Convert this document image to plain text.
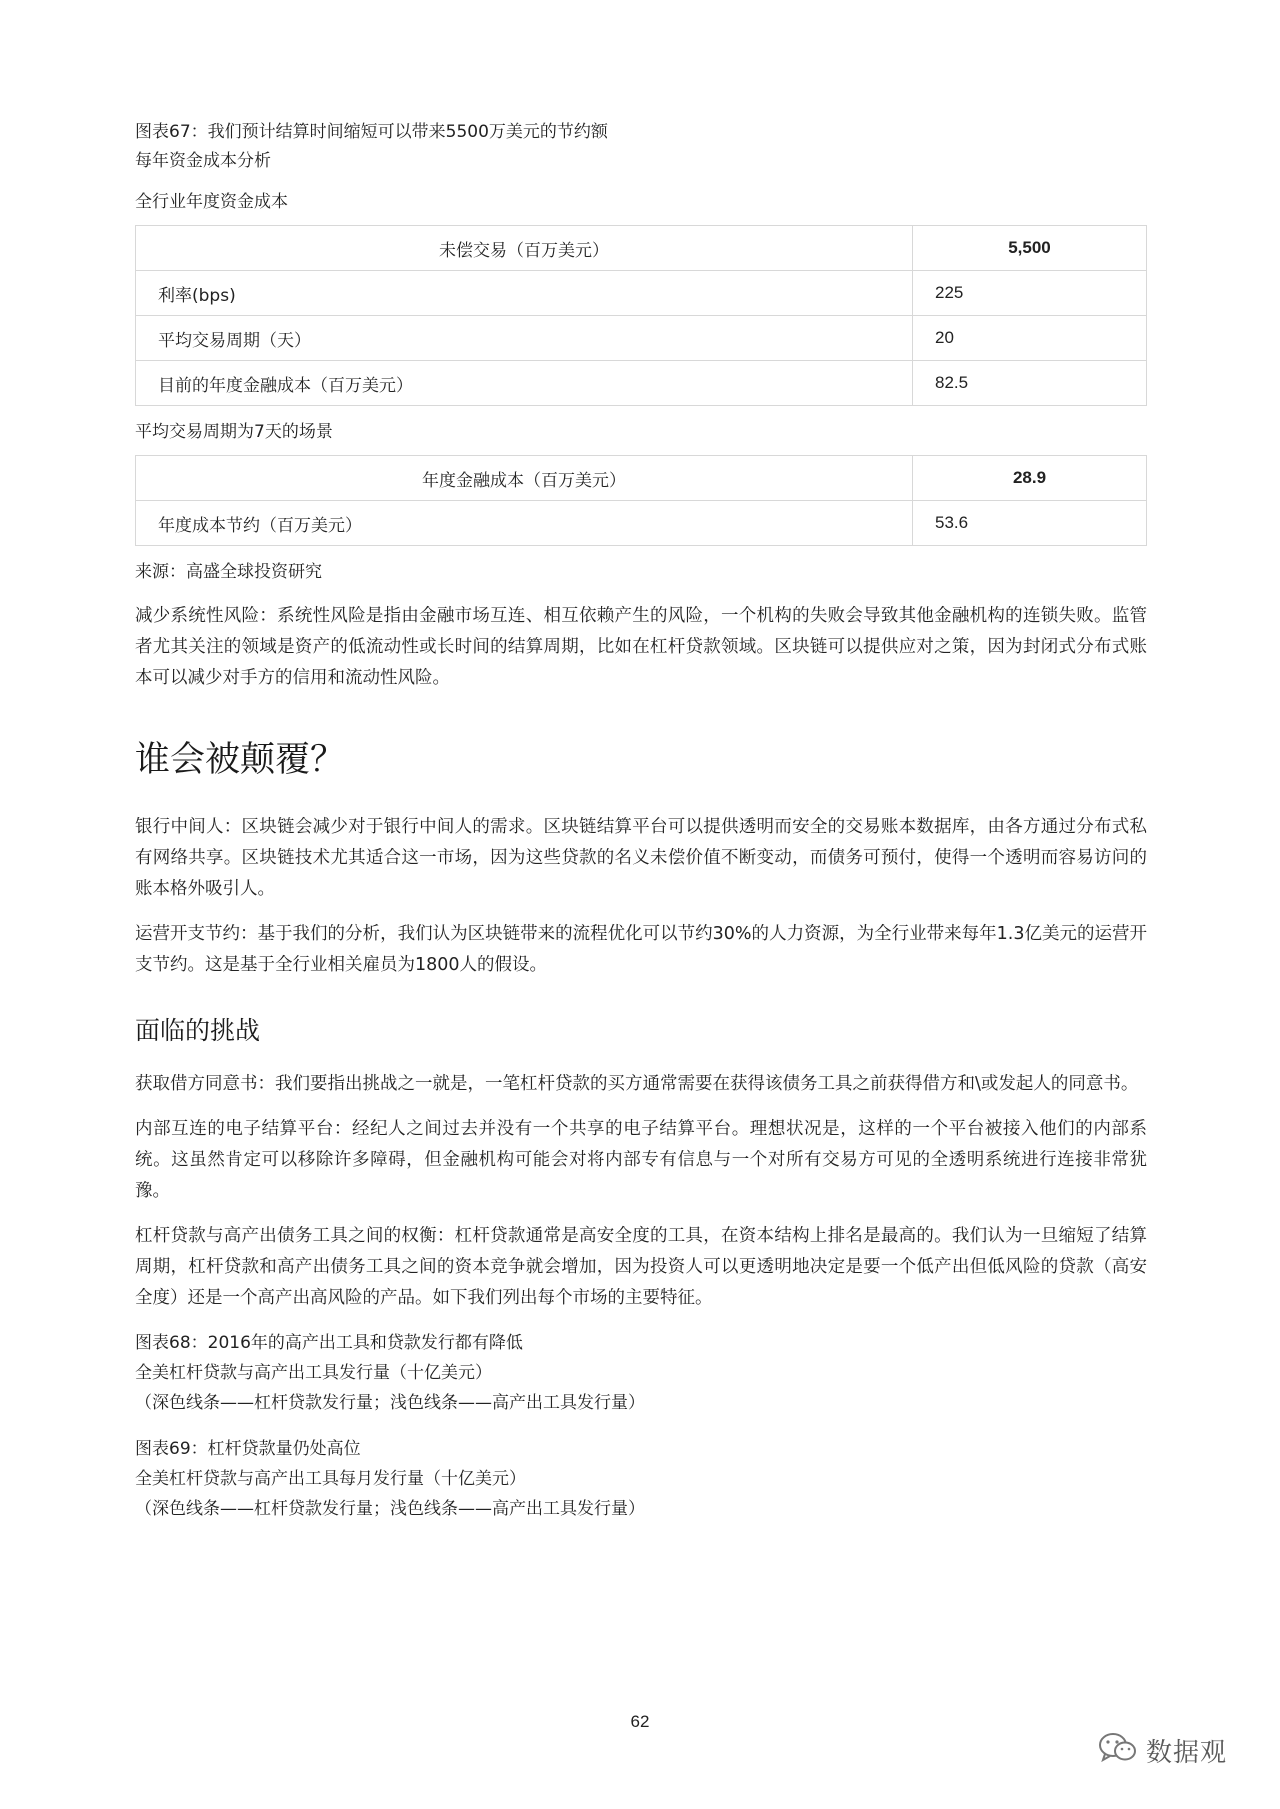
图表67：我们预计结算时间缩短可以带来5500万美元的节约额

每年资金成本分析

全行业年度资金成本

未偿交易（百万美元）	5,500
利率(bps)	225
平均交易周期（天）	20
目前的年度金融成本（百万美元）	82.5

平均交易周期为7天的场景

年度金融成本（百万美元）	28.9
年度成本节约（百万美元）	53.6

来源：高盛全球投资研究

减少系统性风险：系统性风险是指由金融市场互连、相互依赖产生的风险，一个机构的失败会导致其他金融机构的连锁失败。监管者尤其关注的领域是资产的低流动性或长时间的结算周期，比如在杠杆贷款领域。区块链可以提供应对之策，因为封闭式分布式账本可以减少对手方的信用和流动性风险。

谁会被颠覆？

银行中间人：区块链会减少对于银行中间人的需求。区块链结算平台可以提供透明而安全的交易账本数据库，由各方通过分布式私有网络共享。区块链技术尤其适合这一市场，因为这些贷款的名义未偿价值不断变动，而债务可预付，使得一个透明而容易访问的账本格外吸引人。

运营开支节约：基于我们的分析，我们认为区块链带来的流程优化可以节约30%的人力资源，为全行业带来每年1.3亿美元的运营开支节约。这是基于全行业相关雇员为1800人的假设。

面临的挑战

获取借方同意书：我们要指出挑战之一就是，一笔杠杆贷款的买方通常需要在获得该债务工具之前获得借方和\或发起人的同意书。

内部互连的电子结算平台：经纪人之间过去并没有一个共享的电子结算平台。理想状况是，这样的一个平台被接入他们的内部系统。这虽然肯定可以移除许多障碍，但金融机构可能会对将内部专有信息与一个对所有交易方可见的全透明系统进行连接非常犹豫。

杠杆贷款与高产出债务工具之间的权衡：杠杆贷款通常是高安全度的工具，在资本结构上排名是最高的。我们认为一旦缩短了结算周期，杠杆贷款和高产出债务工具之间的资本竞争就会增加，因为投资人可以更透明地决定是要一个低产出但低风险的贷款（高安全度）还是一个高产出高风险的产品。如下我们列出每个市场的主要特征。

图表68：2016年的高产出工具和贷款发行都有降低

全美杠杆贷款与高产出工具发行量（十亿美元）

（深色线条——杠杆贷款发行量；浅色线条——高产出工具发行量）

图表69：杠杆贷款量仍处高位

全美杠杆贷款与高产出工具每月发行量（十亿美元）

（深色线条——杠杆贷款发行量；浅色线条——高产出工具发行量）

62
数据观
